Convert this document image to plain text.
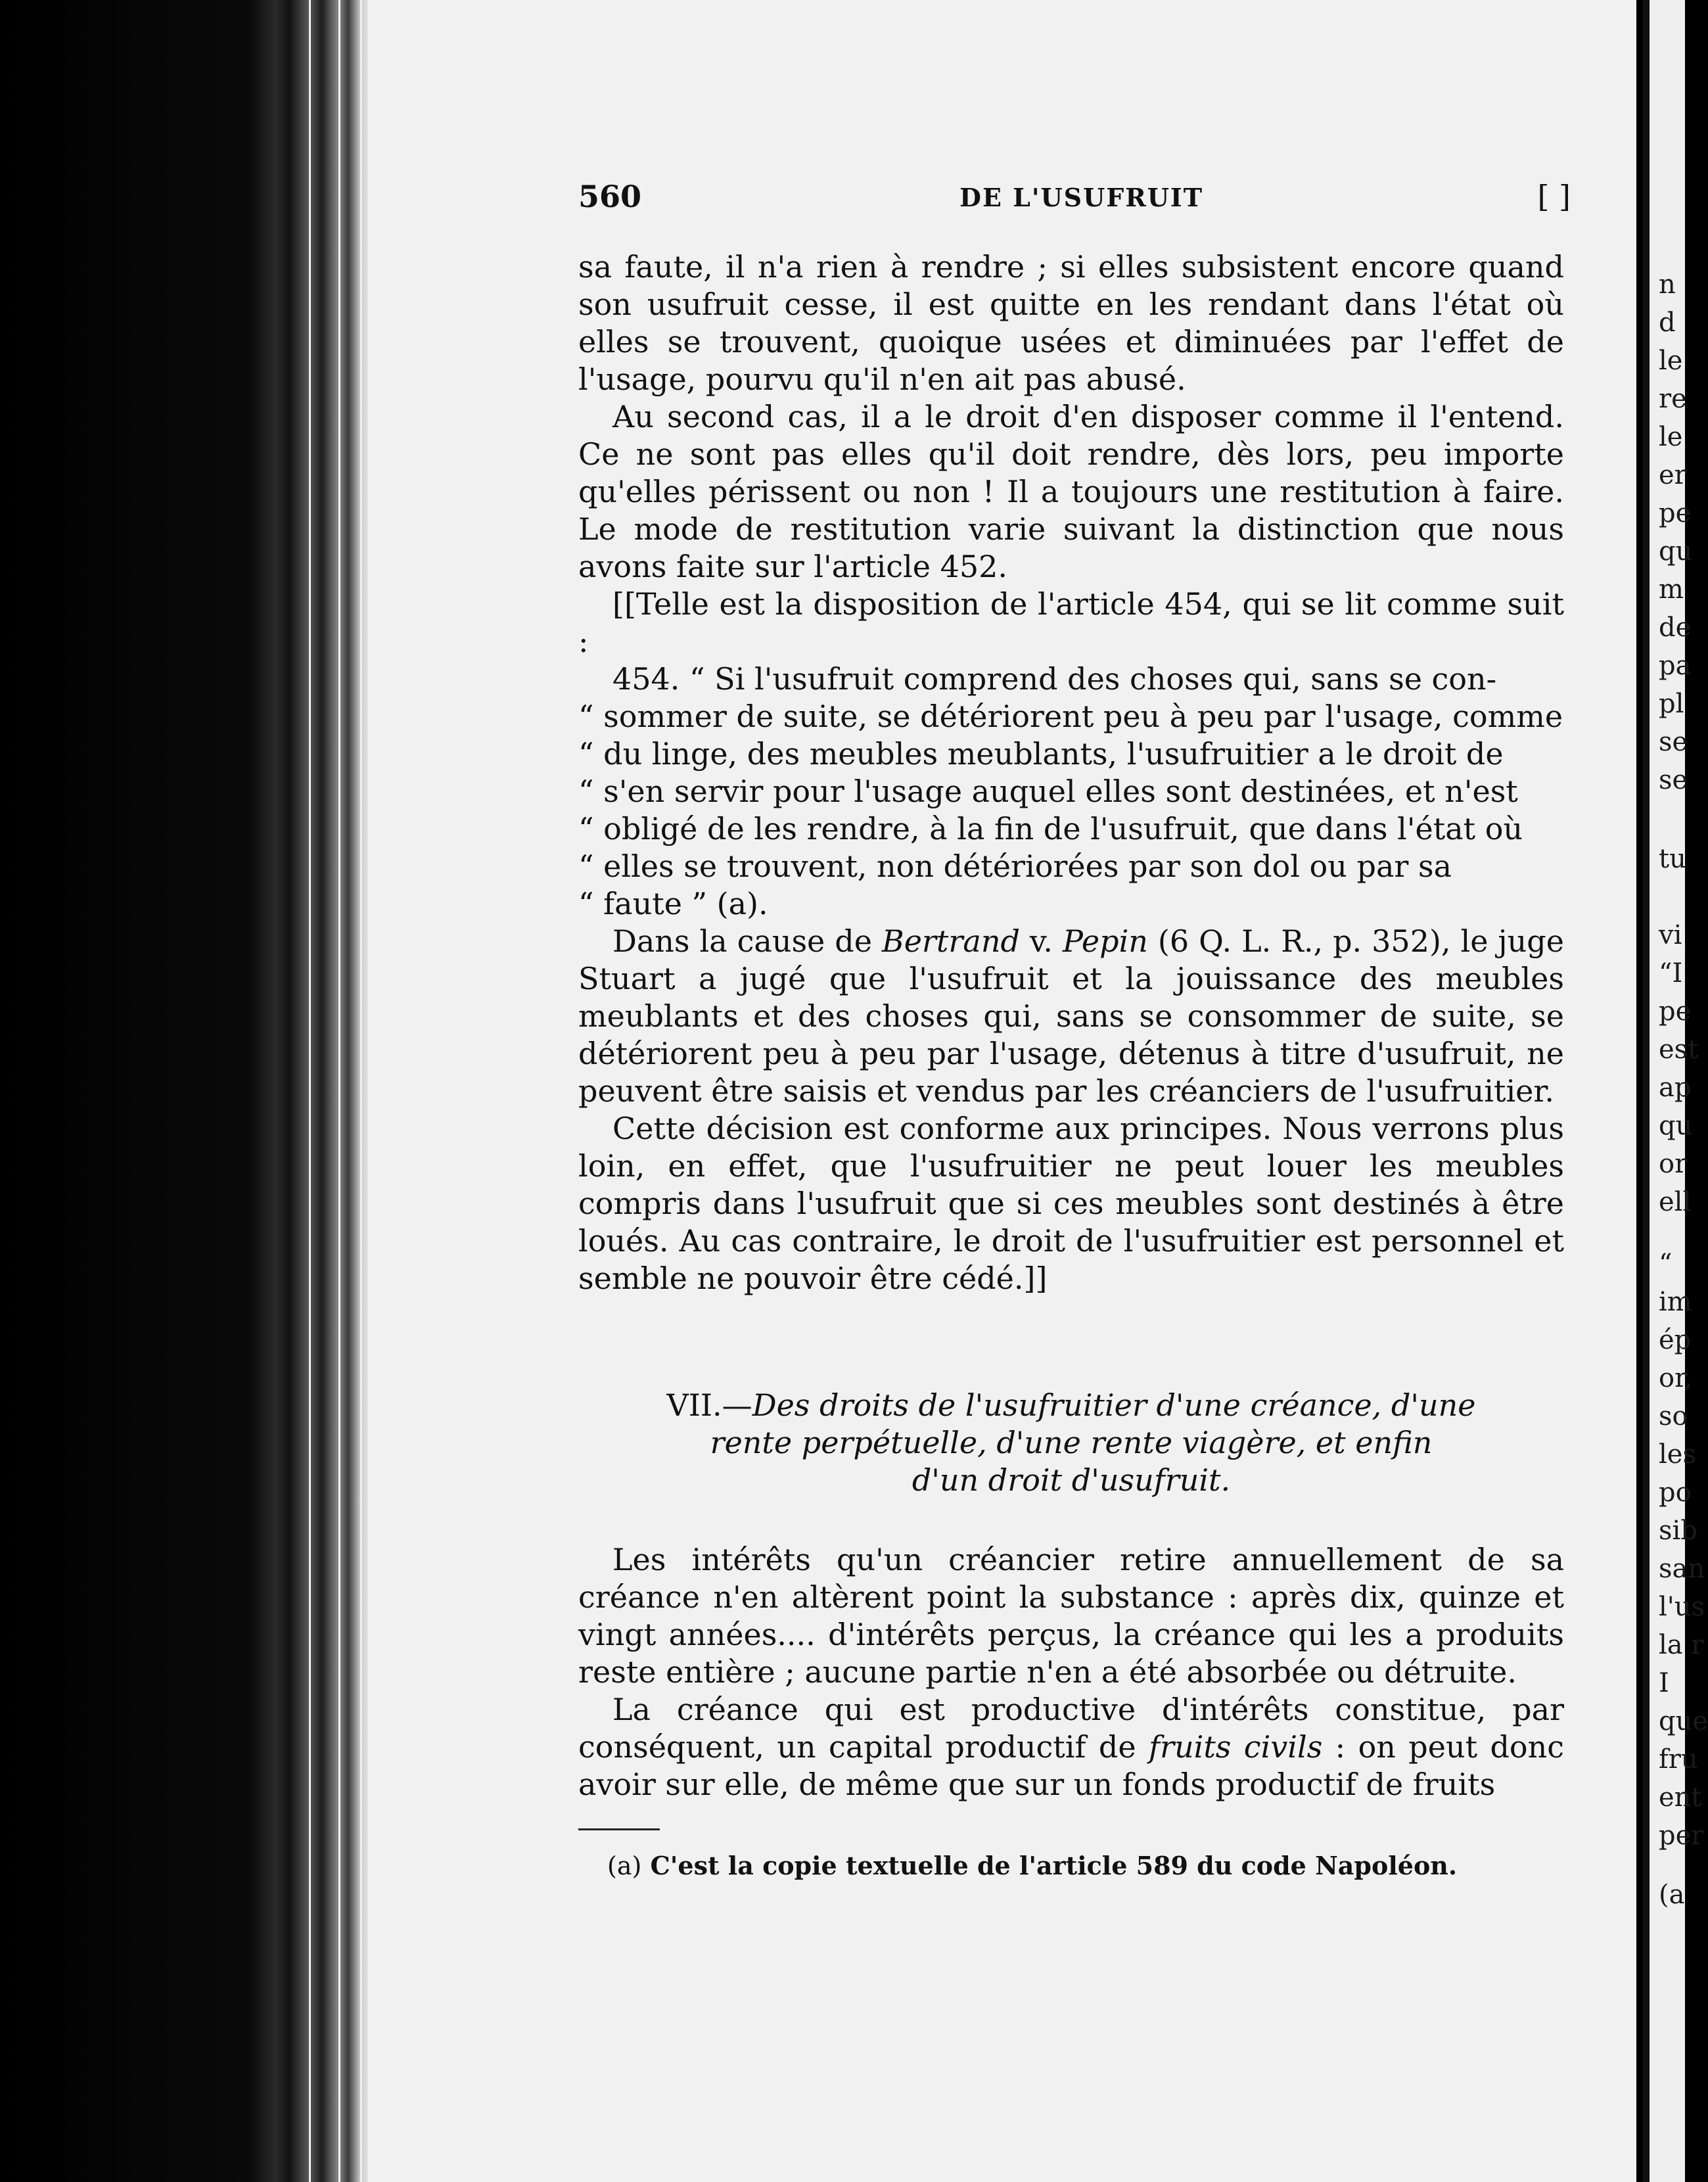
560	DE L'USUFRUIT	[ ]

sa faute, il n'a rien à rendre ; si elles subsistent encore quand son usufruit cesse, il est quitte en les rendant dans l'état où elles se trouvent, quoique usées et diminuées par l'effet de l'usage, pourvu qu'il n'en ait pas abusé.

Au second cas, il a le droit d'en disposer comme il l'entend. Ce ne sont pas elles qu'il doit rendre, dès lors, peu importe qu'elles périssent ou non ! Il a toujours une restitution à faire. Le mode de restitution varie suivant la distinction que nous avons faite sur l'article 452.

[[Telle est la disposition de l'article 454, qui se lit comme suit :

454. “ Si l'usufruit comprend des choses qui, sans se con-
“ sommer de suite, se détériorent peu à peu par l'usage, comme
“ du linge, des meubles meublants, l'usufruitier a le droit de
“ s'en servir pour l'usage auquel elles sont destinées, et n'est
“ obligé de les rendre, à la fin de l'usufruit, que dans l'état où
“ elles se trouvent, non détériorées par son dol ou par sa
“ faute ” (a).

Dans la cause de Bertrand v. Pepin (6 Q. L. R., p. 352), le juge Stuart a jugé que l'usufruit et la jouissance des meubles meublants et des choses qui, sans se consommer de suite, se détériorent peu à peu par l'usage, détenus à titre d'usufruit, ne peuvent être saisis et vendus par les créanciers de l'usufruitier.

Cette décision est conforme aux principes. Nous verrons plus loin, en effet, que l'usufruitier ne peut louer les meubles compris dans l'usufruit que si ces meubles sont destinés à être loués. Au cas contraire, le droit de l'usufruitier est personnel et semble ne pouvoir être cédé.]]

VII.—Des droits de l'usufruitier d'une créance, d'une
rente perpétuelle, d'une rente viagère, et enfin
d'un droit d'usufruit.

Les intérêts qu'un créancier retire annuellement de sa créance n'en altèrent point la substance : après dix, quinze et vingt années.... d'intérêts perçus, la créance qui les a produits reste entière ; aucune partie n'en a été absorbée ou détruite.

La créance qui est productive d'intérêts constitue, par conséquent, un capital productif de fruits civils : on peut donc avoir sur elle, de même que sur un fonds productif de fruits

(a) C'est la copie textuelle de l'article 589 du code Napoléon.
n
d
le
re
le
er
pe
qu
m
de
pa
pl
se
se
tu
vi
“I
pe
est
ap
qu
or
ell
“
im
ép
or,
so
les
po
sib
san
l'us
la r
I
que
fru
ent
per
(a
